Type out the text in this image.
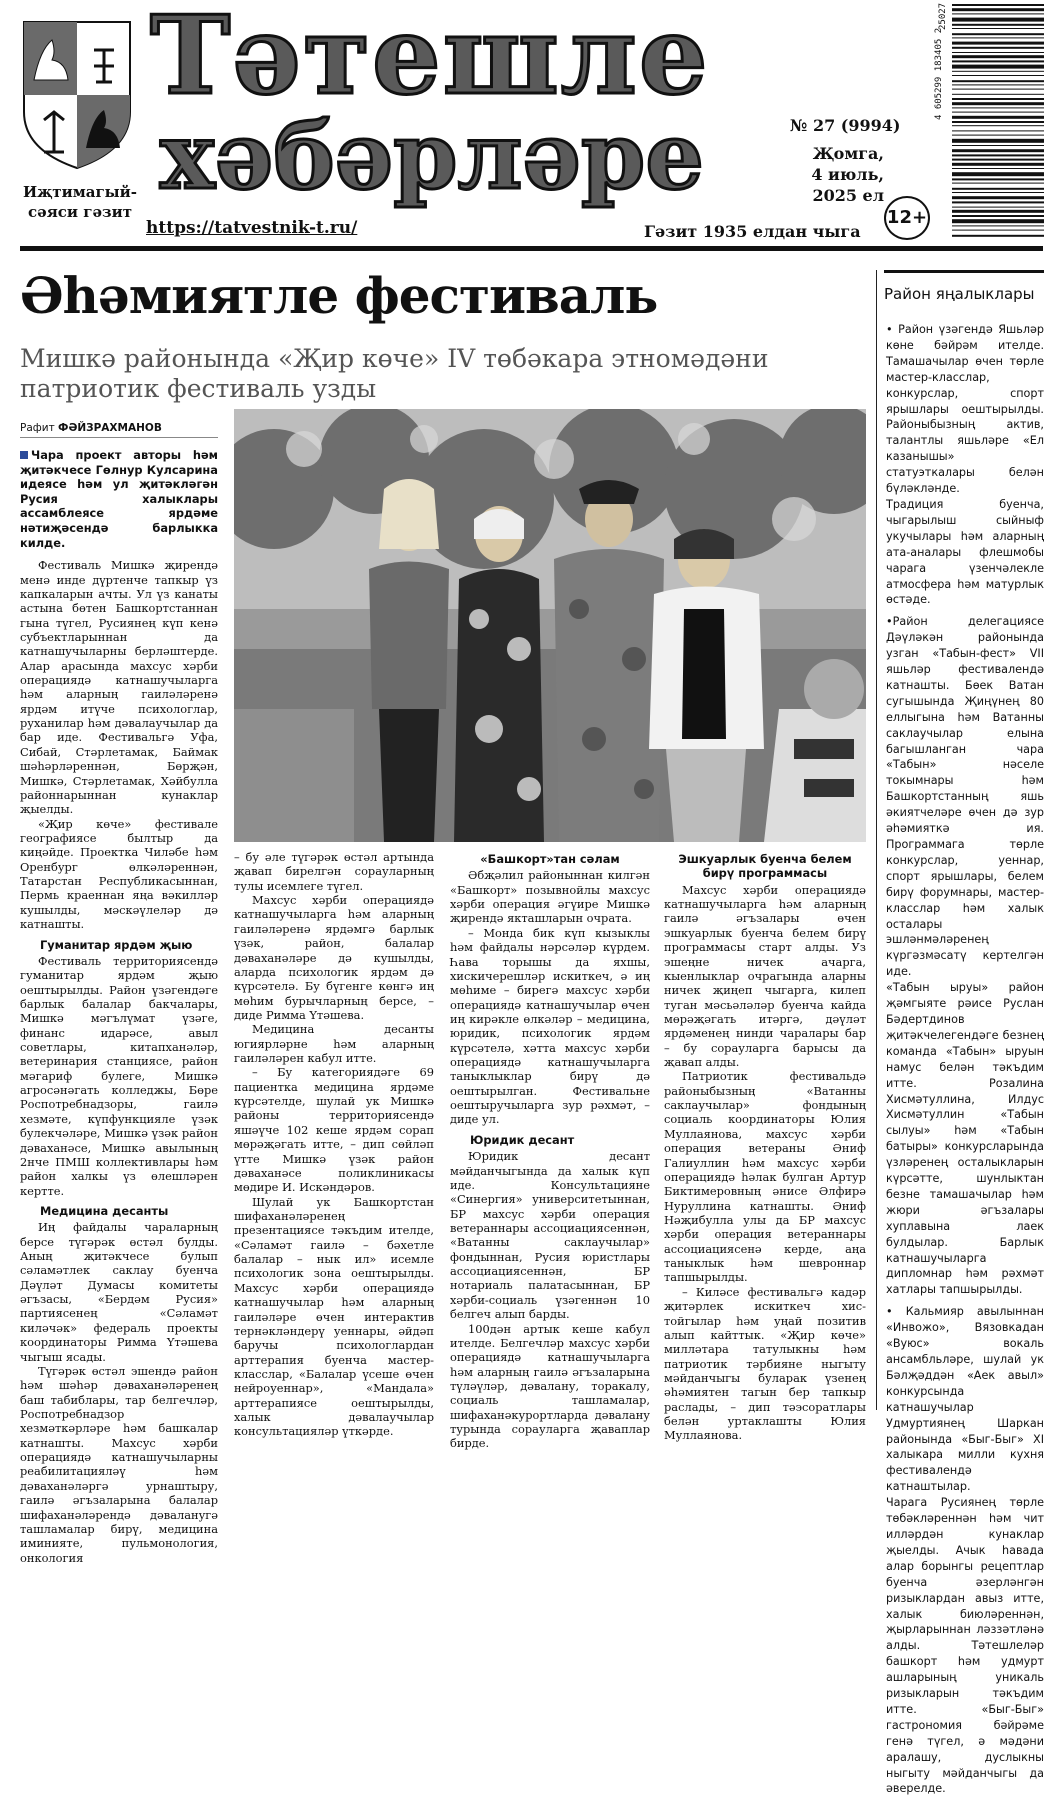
Тәтешле
хәбәрләре
Иҗтимагый-сәяси гәзит
https://tatvestnik-t.ru/
№ 27 (9994)
Җомга, 4 июль, 2025 ел
12+
Гәзит 1935 елдан чыга
4 605299 183405 2
25027
Әһәмиятле фестиваль
Мишкә районында «Җир көче» IV төбәкара этномәдәни патриотик фестиваль узды
Рафит ФӘЙЗРАХМАНОВ
Чара проект авторы һәм җитәкчесе Гөлнур Кулсарина идеясе һәм ул җитәкләгән Русия халыклары ассамблеясе ярдәме нәтиҗәсендә барлыкка килде.

Фестиваль Мишкә җирендә менә инде дүртенче тапкыр үз капкаларын ачты. Ул үз канаты астына бөтен Башкортстаннан гына түгел, Русиянең күп кенә субъектларыннан да катнашучыларны берләштерде. Алар арасында махсус хәрби операциядә катнашучыларга һәм аларның гаиләләренә ярдәм итүче психологлар, руханилар һәм дәвалаучылар да бар иде. Фестивальгә Уфа, Сибай, Стәрлетамак, Баймак шәһәрләреннән, Бөрҗән, Мишкә, Стәрлетамак, Хәйбулла районнарыннан кунаклар җыелды.

«Җир көче» фестивале географиясе былтыр да киңәйде. Проектка Чиләбе һәм Оренбург өлкәләреннән, Татарстан Республикасыннан, Пермь краеннан яңа вәкилләр кушылды, мәскәүлеләр дә катнашты.

Гуманитар ярдәм җыю

Фестиваль территориясендә гуманитар ярдәм җыю оештырылды. Район үзәгендәге барлык балалар бакчалары, Мишкә мәгълүмат үзәге, финанс идарәсе, авыл советлары, китапханәләр, ветеринария станциясе, район мәгариф булеге, Мишкә агросәнәгать колледжы, Бөре Роспотребнадзоры, гаилә хезмәте, күпфункцияле үзәк булекчәләре, Мишкә үзәк район дәваханәсе, Мишкә авылының 2нче ПМШ коллективлары һәм район халкы үз өлешләрен кертте.

Медицина десанты

Иң файдалы чараларның берсе түгәрәк өстәл булды. Аның җитәкчесе булып сәламәтлек саклау буенча Дәүләт Думасы комитеты әгъзасы, «Бердәм Русия» партиясенең «Сәламәт киләчәк» федераль проекты координаторы Римма Үтәшева чыгыш ясады.

Түгәрәк өстәл эшендә район һәм шәһәр дәваханәләренең баш табиблары, тар белгечләр, Роспотребнадзор хезмәткәрләре һәм башкалар катнашты. Махсус хәрби операциядә катнашучыларны реабилитацияләү һәм дәваханәләргә урнаштыру, гаилә әгъзаларына балалар шифаханәләрендә дәваланугә ташламалар бирү, медицина иминияте, пульмонология, онкология

– бу әле түгәрәк өстәл артында җавап бирелгән сорауларның тулы исемлеге түгел.

Махсус хәрби операциядә катнашучыларга һәм аларның гаиләләренә ярдәмгә барлык үзәк, район, балалар дәваханәләре дә кушылды, аларда психологик ярдәм дә күрсәтелә. Бу бүгенге көнгә иң мөһим бурычларның берсе, – диде Римма Үтәшева.

Медицина десанты югиярләрне һәм аларның гаиләләрен кабул итте.

– Бу категориядәге 69 пациентка медицина ярдәме күрсәтелде, шулай ук Мишкә районы территориясендә яшәүче 102 кеше ярдәм сорап мөрәҗәгать итте, – дип сөйләп үтте Мишкә үзәк район дәваханәсе поликлиникасы мөдире И. Искәндәров.

Шулай ук Башкортстан шифаханәләренең презентациясе тәкъдим ителде, «Сәламәт гаилә – бәхетле балалар – нык ил» исемле психологик зона оештырылды. Махсус хәрби операциядә катнашучылар һәм аларның гаиләләре өчен интерактив тернәкләндерү уеннары, әйдәп баручы психологлардан арттерапия буенча мастер-класслар, «Балалар үсеше өчен нейроуеннар», «Мандала» арттерапиясе оештырылды, халык дәвалаучылар консультацияләр үткәрде.

«Башкорт»тан сәлам

Әбҗәлил районыннан килгән «Башкорт» позывнойлы махсус хәрби операция әгүире Мишкә җирендә якташларын очрата.

– Монда бик күп кызыклы һәм файдалы нәрсәләр күрдем. Һава торышы да яхшы, хискичерешләр искиткеч, ә иң мөһиме – бирегә махсус хәрби операциядә катнашучылар өчен иң кирәкле өлкәләр – медицина, юридик, психологик ярдәм күрсәтелә, хәтта махсус хәрби операциядә катнашучыларга таныклыклар бирү дә оештырылган. Фестивальне оештыручыларга зур рәхмәт, – диде ул.

Юридик десант

Юридик десант мәйданчыгында да халык күп иде. Консультацияне «Синергия» университетыннан, БР махсус хәрби операция ветераннары ассоциациясеннән, «Ватанны саклаучылар» фондыннан, Русия юристлары ассоциациясеннән, БР нотариаль палатасыннан, БР хәрби-социаль үзәгеннән 10 белгеч алып барды.

100дән артык кеше кабул ителде. Белгечләр махсус хәрби операциядә катнашучыларга һәм аларның гаилә әгъзаларына түләүләр, дәвалану, торакалу, социаль ташламалар, шифаханәкурортларда дәвалану турында сорауларга җаваплар бирде.

Эшкуарлык буенча белем бирү программасы

Махсус хәрби операциядә катнашучыларга һәм аларның гаилә әгъзалары өчен эшкуарлык буенча белем бирү программасы старт алды. Уз эшеңне ничек ачарга, кыенлыклар очрагында аларны ничек җиңеп чыгарга, килеп туган мәсьәләләр буенча кайда мөрәҗәгать итәргә, дәүләт ярдәменең нинди чаралары бар – бу сорауларга барысы да җавап алды.

Патриотик фестивальдә районыбызның «Ватанны саклаучылар» фондының социаль координаторы Юлия Муллаянова, махсус хәрби операция ветераны Әниф Галиуллин һәм махсус хәрби операциядә һәлак булган Артур Биктимеровның әнисе Әлфирә Нуруллина катнашты. Әниф Нәҗибулла улы да БР махсус хәрби операция ветераннары ассоциациясенә керде, аңа таныклык һәм шевроннар тапшырылды.

– Киләсе фестивальгә кадәр җитәрлек искиткеч хис-тойгылар һәм уңай позитив алып кайттык. «Җир көче» милләтара татулыкны һәм патриотик тәрбияне ныгыту мәйданчыгы буларак үзенең әһәмиятен тагын бер тапкыр раслады, – дип тәэсоратлары белән уртаклашты Юлия Муллаянова.

Район яңалыклары
• Район үзәгендә Яшьләр көне бәйрәм ителде. Тамашачылар өчен төрле мастер-класслар, конкурслар, спорт ярышлары оештырылды. Районыбызның актив, талантлы яшьләре «Ел казанышы» статуэткалары белән бүләкләнде.
Традиция буенча, чыгарылыш сыйныф укучылары һәм аларның ата-аналары флешмобы чарага үзенчәлекле атмосфера һәм матурлык өстәде.
•Район делегациясе Дәүләкән районында узган «Табын-фест» VII яшьләр фестивалендә катнашты. Бөек Ватан сугышында Җиңүнең 80 еллыгына һәм Ватанны саклаучылар елына багышланган чара «Табын» нәселе токымнары һәм Башкортстанның яшь әкиятчеләре өчен дә зур әһәмияткә ия. Программага төрле конкурслар, уеннар, спорт ярышлары, белем бирү форумнары, мастер-класслар һәм халык осталары эшләнмәләренең күргәзмәсатү кертелгән иде.
«Табын ыруы» район җәмгыяте рәисе Руслан Бәдертдинов җитәкчелегендәге безнең команда «Табын» ыруын намус белән тәкъдим итте. Розалина Хисмәтуллина, Илдус Хисмәтуллин «Табын сылуы» һәм «Табын батыры» конкурсларында үзләренең осталыкларын күрсәтте, шунлыктан безне тамашачылар һәм жюри әгъзалары хуплавына лаек булдылар. Барлык катнашучыларга дипломнар һәм рәхмәт хатлары тапшырылды.
• Кальмияр авылыннан «Инвожо», Вязовкадан «Вуюс» вокаль ансамбльләре, шулай ук Бәлҗәддән «Аек авыл» конкурсында катнашучылар Удмуртиянең Шаркан районында «Быг-Быг» XI халыкара милли кухня фестивалендә катнаштылар.
Чарага Русиянең төрле төбәкләреннән һәм чит илләрдән кунаклар җыелды. Ачык һавада алар борынгы рецептлар буенча әзерләнгән ризыклардан авыз итте, халык биюләреннән, җырларыннан ләззәтләнә алды. Тәтешлеләр башкорт һәм удмурт ашларының уникаль ризыкларын тәкъдим итте. «Быг-Быг» гастрономия бәйрәме генә түгел, ә мәдәни аралашу, дуслыкны ныгыту мәйданчыгы да әверелде.
